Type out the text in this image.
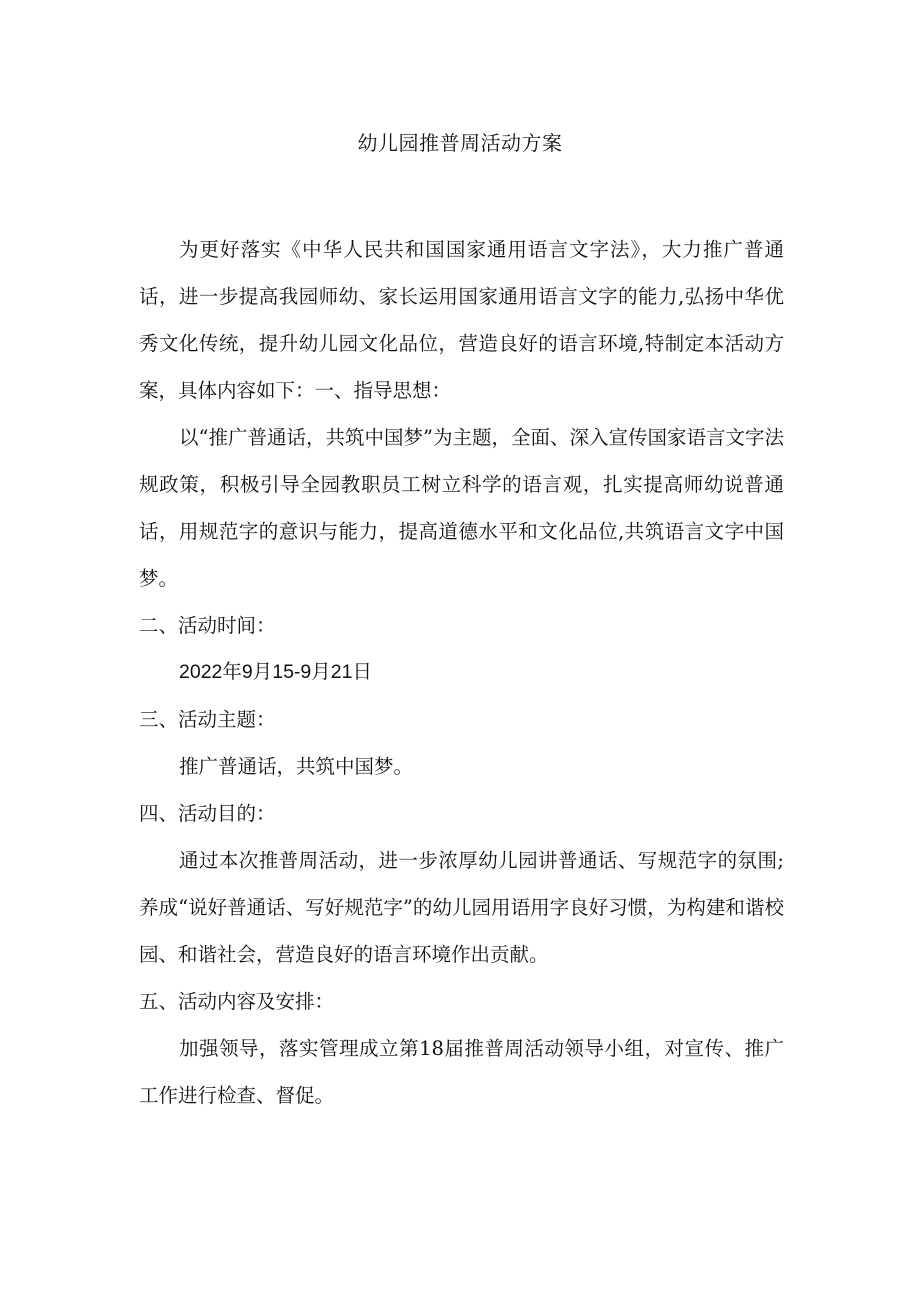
幼儿园推普周活动方案

为更好落实《中华人民共和国国家通用语言文字法》，大力推广普通话，进一步提高我园师幼、家长运用国家通用语言文字的能力,弘扬中华优秀文化传统，提升幼儿园文化品位，营造良好的语言环境,特制定本活动方案，具体内容如下：一、指导思想：

以“推广普通话，共筑中国梦”为主题，全面、深入宣传国家语言文字法规政策，积极引导全园教职员工树立科学的语言观，扎实提高师幼说普通话，用规范字的意识与能力，提高道德水平和文化品位,共筑语言文字中国梦。

二、活动时间：

2022年9月15-9月21日

三、活动主题：

推广普通话，共筑中国梦。

四、活动目的：

通过本次推普周活动，进一步浓厚幼儿园讲普通话、写规范字的氛围;养成“说好普通话、写好规范字”的幼儿园用语用字良好习惯，为构建和谐校园、和谐社会，营造良好的语言环境作出贡献。

五、活动内容及安排：

加强领导，落实管理成立第18届推普周活动领导小组，对宣传、推广工作进行检查、督促。
